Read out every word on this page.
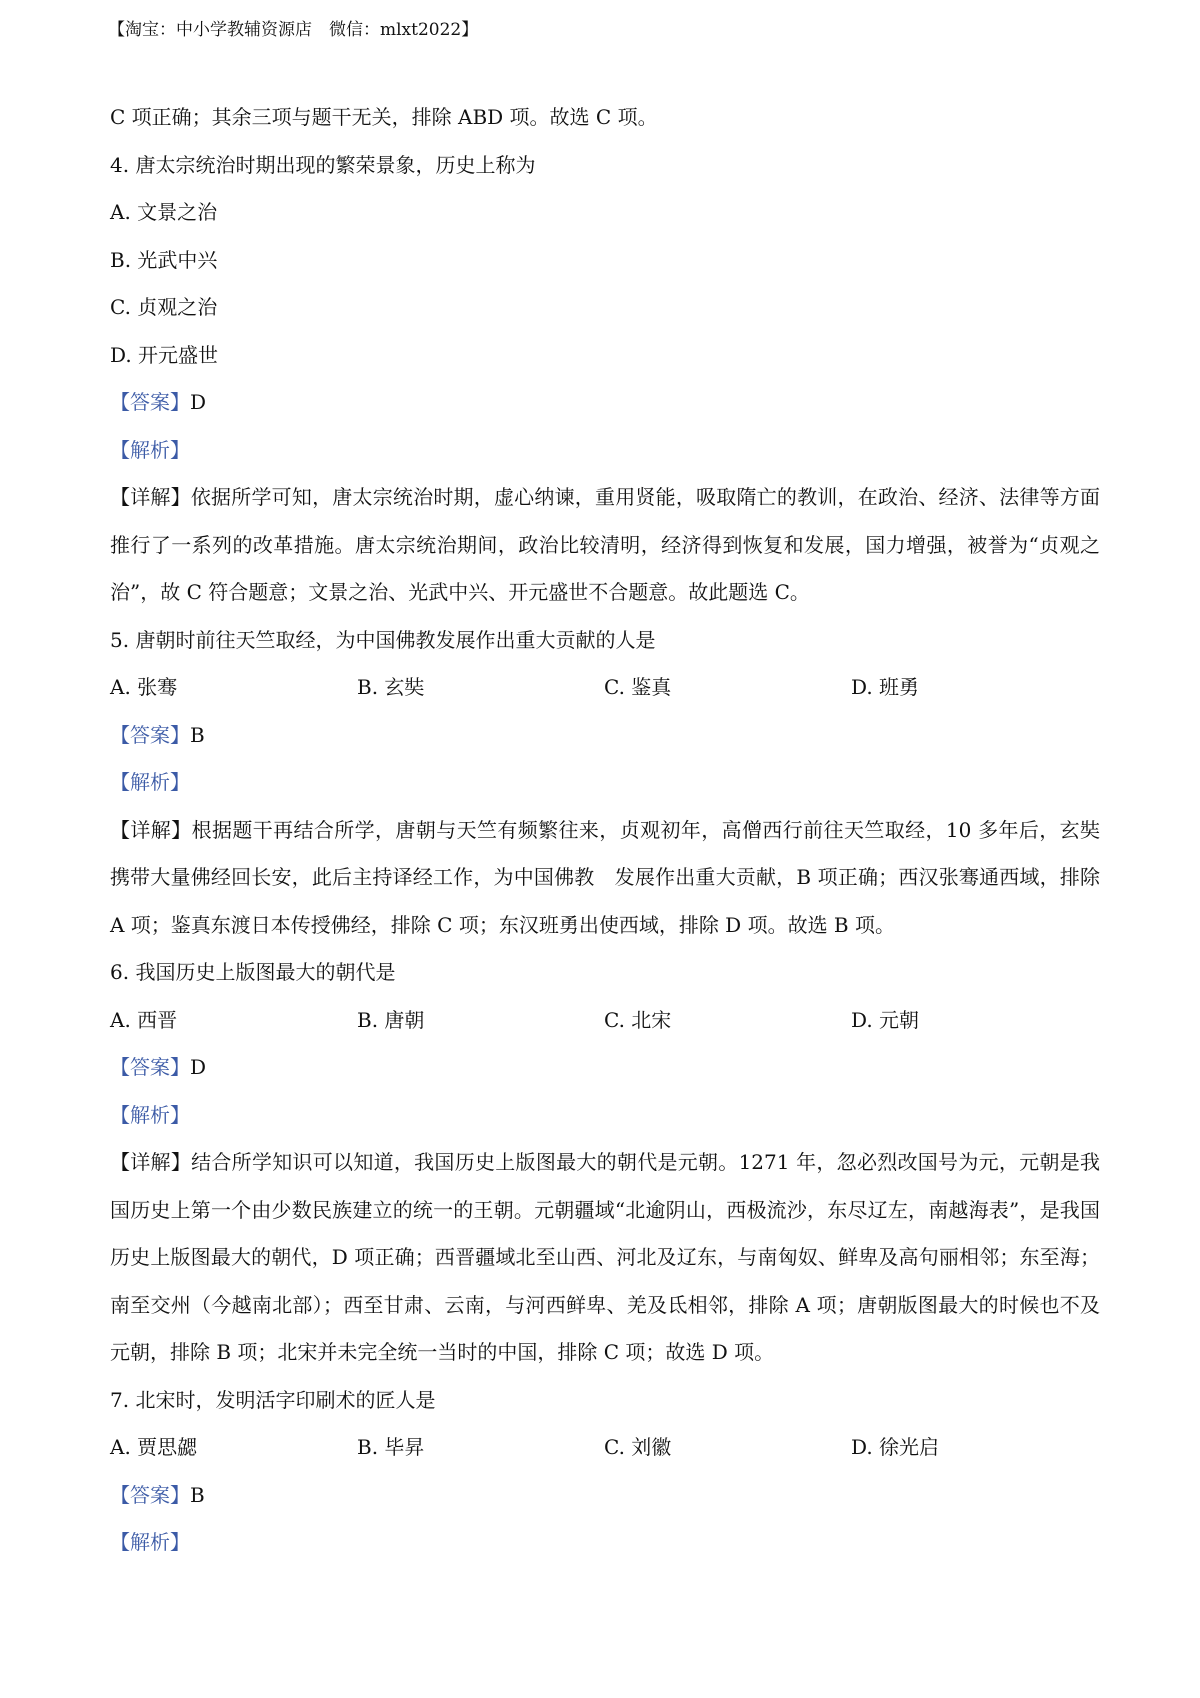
【淘宝：中小学教辅资源店　微信：mlxt2022】
C 项正确；其余三项与题干无关，排除 ABD 项。故选 C 项。
4. 唐太宗统治时期出现的繁荣景象，历史上称为
A. 文景之治
B. 光武中兴
C. 贞观之治
D. 开元盛世
【答案】D
【解析】
【详解】依据所学可知，唐太宗统治时期，虚心纳谏，重用贤能，吸取隋亡的教训，在政治、经济、法律等方面推行了一系列的改革措施。唐太宗统治期间，政治比较清明，经济得到恢复和发展，国力增强，被誉为“贞观之治”，故 C 符合题意；文景之治、光武中兴、开元盛世不合题意。故此题选 C。
5. 唐朝时前往天竺取经，为中国佛教发展作出重大贡献的人是
A. 张骞	B. 玄奘	C. 鉴真	D. 班勇
【答案】B
【解析】
【详解】根据题干再结合所学，唐朝与天竺有频繁往来，贞观初年，高僧西行前往天竺取经，10 多年后，玄奘携带大量佛经回长安，此后主持译经工作，为中国佛教　发展作出重大贡献，B 项正确；西汉张骞通西域，排除 A 项；鉴真东渡日本传授佛经，排除 C 项；东汉班勇出使西域，排除 D 项。故选 B 项。
6. 我国历史上版图最大的朝代是
A. 西晋	B. 唐朝	C. 北宋	D. 元朝
【答案】D
【解析】
【详解】结合所学知识可以知道，我国历史上版图最大的朝代是元朝。1271 年，忽必烈改国号为元，元朝是我国历史上第一个由少数民族建立的统一的王朝。元朝疆域“北逾阴山，西极流沙，东尽辽左，南越海表”，是我国历史上版图最大的朝代，D 项正确；西晋疆域北至山西、河北及辽东，与南匈奴、鲜卑及高句丽相邻；东至海；南至交州（今越南北部）；西至甘肃、云南，与河西鲜卑、羌及氐相邻，排除 A 项；唐朝版图最大的时候也不及元朝，排除 B 项；北宋并未完全统一当时的中国，排除 C 项；故选 D 项。
7. 北宋时，发明活字印刷术的匠人是
A. 贾思勰	B. 毕昇	C. 刘徽	D. 徐光启
【答案】B
【解析】
